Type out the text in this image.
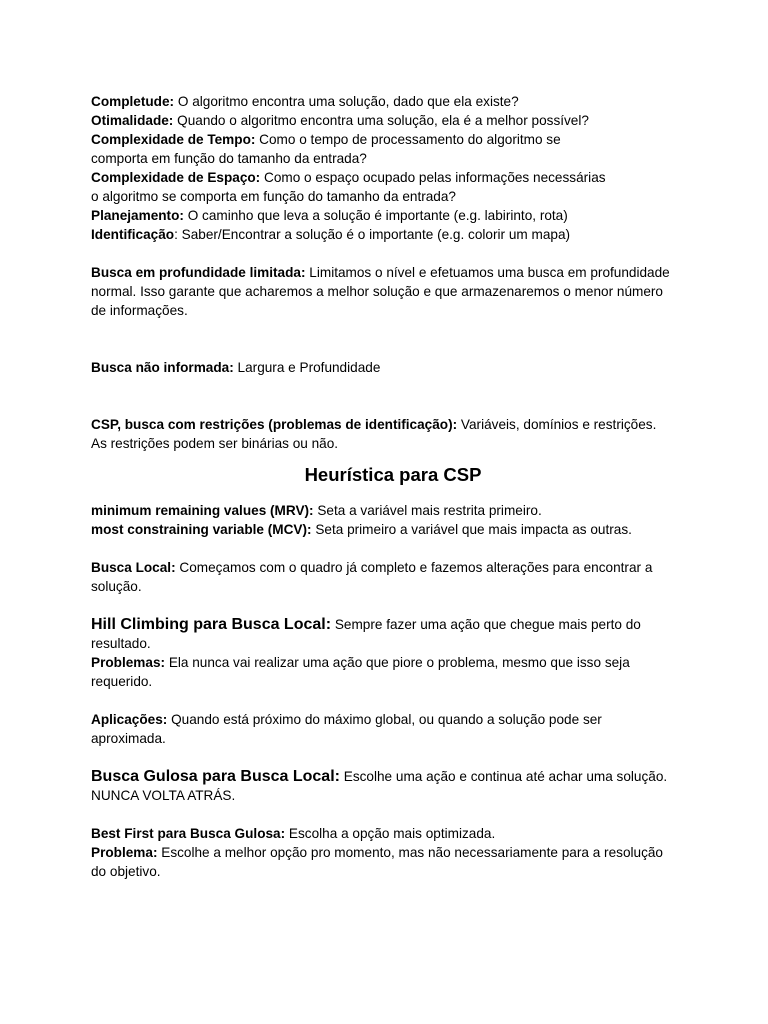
Completude: O algoritmo encontra uma solução, dado que ela existe?

Otimalidade: Quando o algoritmo encontra uma solução, ela é a melhor possível?

Complexidade de Tempo: Como o tempo de processamento do algoritmo se

comporta em função do tamanho da entrada?

Complexidade de Espaço: Como o espaço ocupado pelas informações necessárias

o algoritmo se comporta em função do tamanho da entrada?

Planejamento: O caminho que leva a solução é importante (e.g. labirinto, rota)

Identificação: Saber/Encontrar a solução é o importante (e.g. colorir um mapa)

Busca em profundidade limitada: Limitamos o nível e efetuamos uma busca em profundidade

normal. Isso garante que acharemos a melhor solução e que armazenaremos o menor número

de informações.

Busca não informada: Largura e Profundidade

CSP, busca com restrições (problemas de identificação): Variáveis, domínios e restrições.

As restrições podem ser binárias ou não.

Heurística para CSP

minimum remaining values (MRV): Seta a variável mais restrita primeiro.

most constraining variable (MCV): Seta primeiro a variável que mais impacta as outras.

Busca Local: Começamos com o quadro já completo e fazemos alterações para encontrar a

solução.

Hill Climbing para Busca Local: Sempre fazer uma ação que chegue mais perto do

resultado.

Problemas: Ela nunca vai realizar uma ação que piore o problema, mesmo que isso seja

requerido.

Aplicações: Quando está próximo do máximo global, ou quando a solução pode ser

aproximada.

Busca Gulosa para Busca Local: Escolhe uma ação e continua até achar uma solução.

NUNCA VOLTA ATRÁS.

Best First para Busca Gulosa: Escolha a opção mais optimizada.

Problema: Escolhe a melhor opção pro momento, mas não necessariamente para a resolução

do objetivo.
